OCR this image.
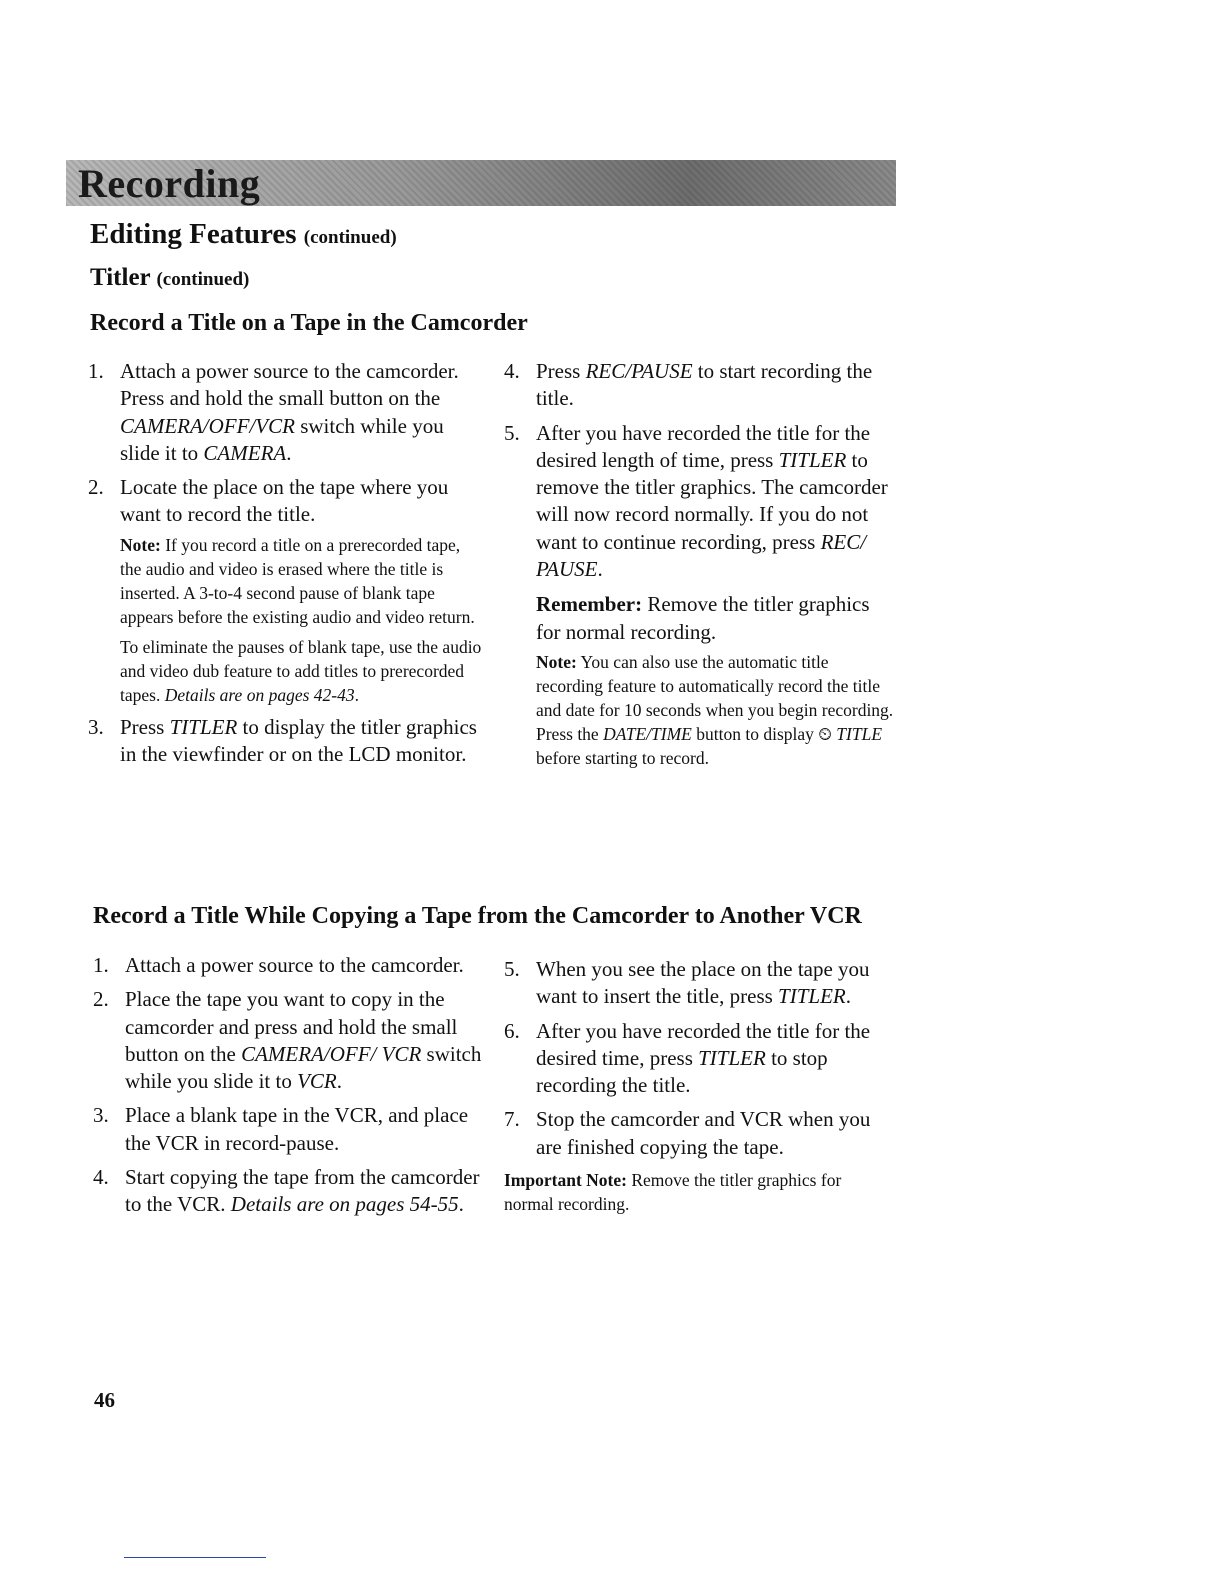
Recording
Editing Features (continued)
Titler (continued)
Record a Title on a Tape in the Camcorder
1. Attach a power source to the camcorder. Press and hold the small button on the CAMERA/OFF/VCR switch while you slide it to CAMERA.
2. Locate the place on the tape where you want to record the title.
Note: If you record a title on a prerecorded tape, the audio and video is erased where the title is inserted. A 3-to-4 second pause of blank tape appears before the existing audio and video return.
To eliminate the pauses of blank tape, use the audio and video dub feature to add titles to prerecorded tapes. Details are on pages 42-43.
3. Press TITLER to display the titler graphics in the viewfinder or on the LCD monitor.
4. Press REC/PAUSE to start recording the title.
5. After you have recorded the title for the desired length of time, press TITLER to remove the titler graphics. The camcorder will now record normally. If you do not want to continue recording, press REC/ PAUSE.
Remember: Remove the titler graphics for normal recording.
Note: You can also use the automatic title recording feature to automatically record the title and date for 10 seconds when you begin recording. Press the DATE/TIME button to display ⏲ TITLE before starting to record.
Record a Title While Copying a Tape from the Camcorder to Another VCR
1. Attach a power source to the camcorder.
2. Place the tape you want to copy in the camcorder and press and hold the small button on the CAMERA/OFF/ VCR switch while you slide it to VCR.
3. Place a blank tape in the VCR, and place the VCR in record-pause.
4. Start copying the tape from the camcorder to the VCR. Details are on pages 54-55.
5. When you see the place on the tape you want to insert the title, press TITLER.
6. After you have recorded the title for the desired time, press TITLER to stop recording the title.
7. Stop the camcorder and VCR when you are finished copying the tape.
Important Note: Remove the titler graphics for normal recording.
46
